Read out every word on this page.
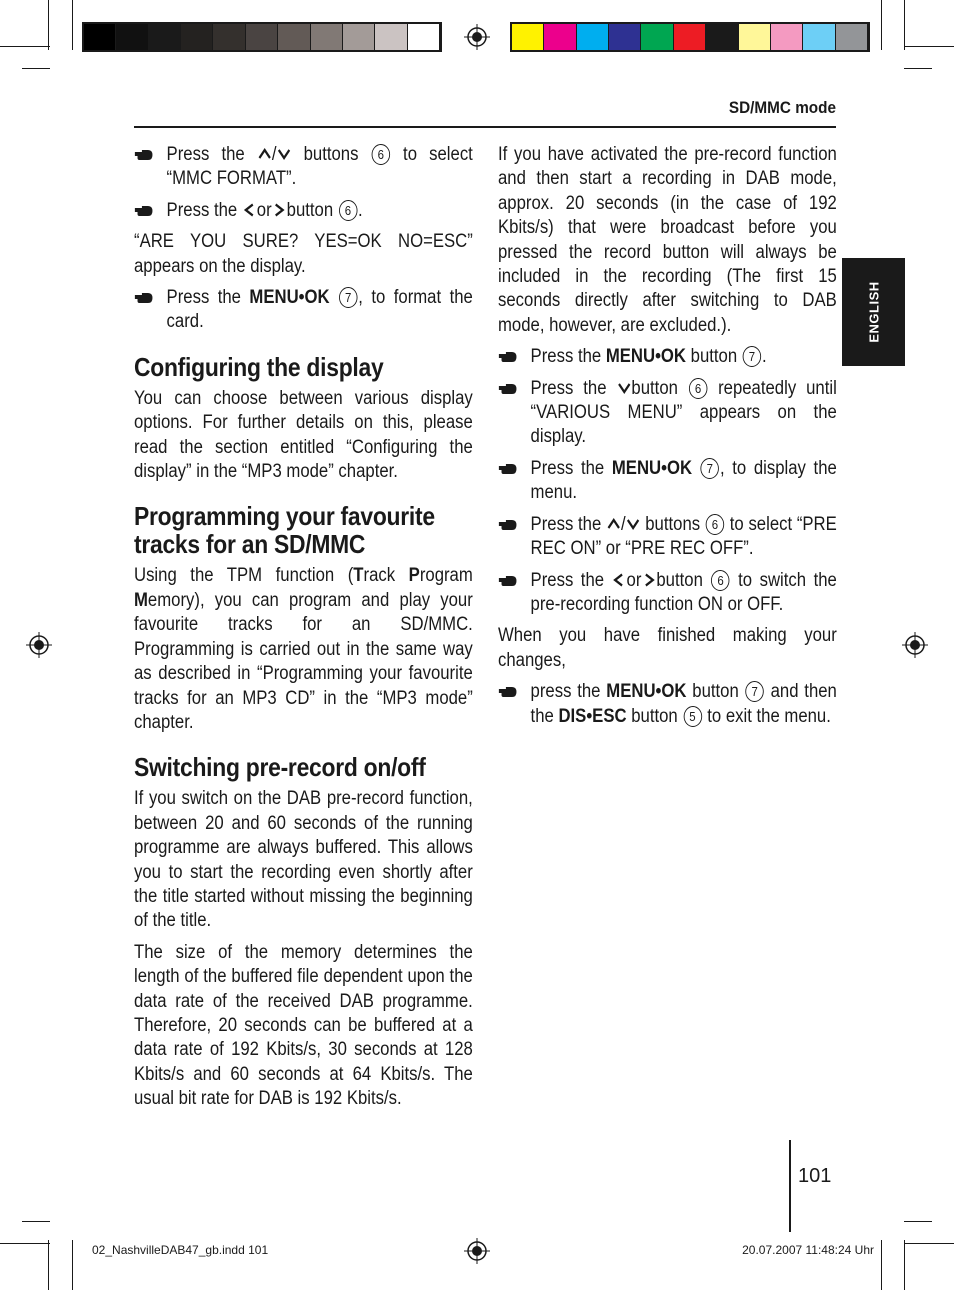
SD/MMC mode
ENGLISH
Press the / buttons 6 to select “MMC FORMAT”.
Press the or button 6 .

“ARE YOU SURE? YES=OK NO=ESC” appears on the display.

Press the MENU•OK 7 , to format the card.
Configuring the display

You can choose between various display options. For further details on this, please read the section entitled “Configuring the display” in the “MP3 mode” chapter.

Programming your favourite tracks for an SD/MMC

Using the TPM function (Track Program Memory), you can program and play your favourite tracks for an SD/MMC. Programming is carried out in the same way as described in “Programming your favourite tracks for an MP3 CD” in the “MP3 mode” chapter.

Switching pre-record on/off

If you switch on the DAB pre-record function, between 20 and 60 seconds of the running programme are always buffered. This allows you to start the recording even shortly after the title started without missing the beginning of the title.

The size of the memory determines the length of the buffered file dependent upon the data rate of the received DAB programme. Therefore, 20 seconds can be buffered at a data rate of 192 Kbits/s, 30 seconds at 128 Kbits/s and 60 seconds at 64 Kbits/s. The usual bit rate for DAB is 192 Kbits/s.

If you have activated the pre-record function and then start a recording in DAB mode, approx. 20 seconds (in the case of 192 Kbits/s) that were broadcast before you pressed the record button will always be included in the recording (The first 15 seconds directly after switching to DAB mode, however, are excluded.).

Press the MENU•OK button 7 .
Press the button 6 repeatedly until “VARIOUS MENU” appears on the display.
Press the MENU•OK 7 , to display the menu.
Press the / buttons 6 to select “PRE REC ON” or “PRE REC OFF”.
Press the or button 6 to switch the pre-recording function ON or OFF.

When you have finished making your changes,

press the MENU•OK button 7 and then the DIS•ESC button 5 to exit the menu.
101
02_NashvilleDAB47_gb.indd 101	20.07.2007 11:48:24 Uhr
